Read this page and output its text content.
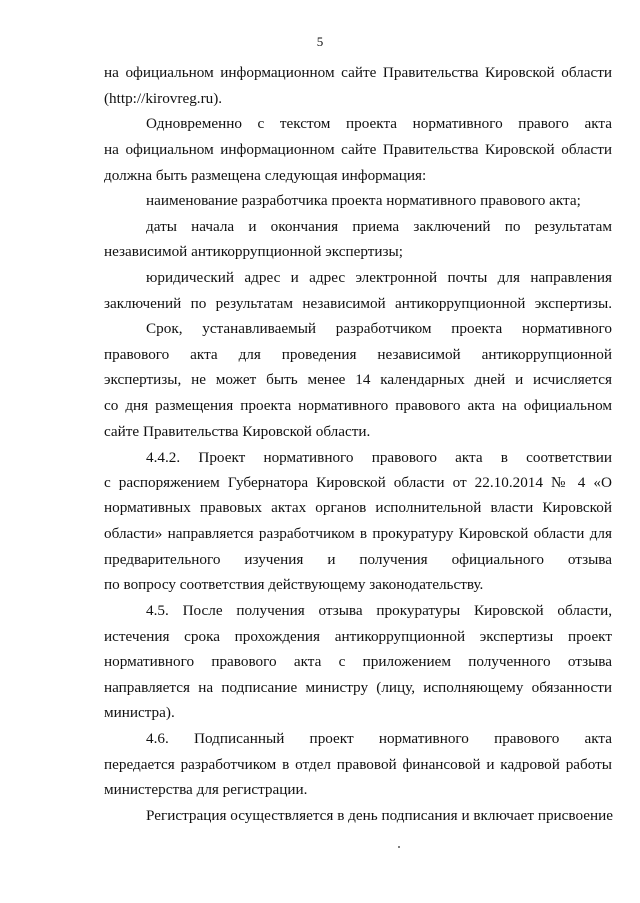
5
на официальном информационном сайте Правительства Кировской области
(http://kirovreg.ru).
Одновременно с текстом проекта нормативного правого акта
на официальном информационном сайте Правительства Кировской области
должна быть размещена следующая информация:
наименование разработчика проекта нормативного правового акта;
даты начала и окончания приема заключений по результатам
независимой антикоррупционной экспертизы;
юридический адрес и адрес электронной почты для направления
заключений по результатам независимой антикоррупционной экспертизы.
Срок, устанавливаемый разработчиком проекта нормативного
правового акта для проведения независимой антикоррупционной
экспертизы, не может быть менее 14 календарных дней и исчисляется
со дня размещения проекта нормативного правового акта на официальном
сайте Правительства Кировской области.
4.4.2. Проект нормативного правового акта в соответствии
с распоряжением Губернатора Кировской области от 22.10.2014 № 4 «О
нормативных правовых актах органов исполнительной власти Кировской
области» направляется разработчиком в прокуратуру Кировской области для
предварительного изучения и получения официального отзыва
по вопросу соответствия действующему законодательству.
4.5. После получения отзыва прокуратуры Кировской области,
истечения срока прохождения антикоррупционной экспертизы проект
нормативного правового акта с приложением полученного отзыва
направляется на подписание министру (лицу, исполняющему обязанности
министра).
4.6. Подписанный проект нормативного правового акта
передается разработчиком в отдел правовой финансовой и кадровой работы
министерства для регистрации.
Регистрация осуществляется в день подписания и включает присвоение
